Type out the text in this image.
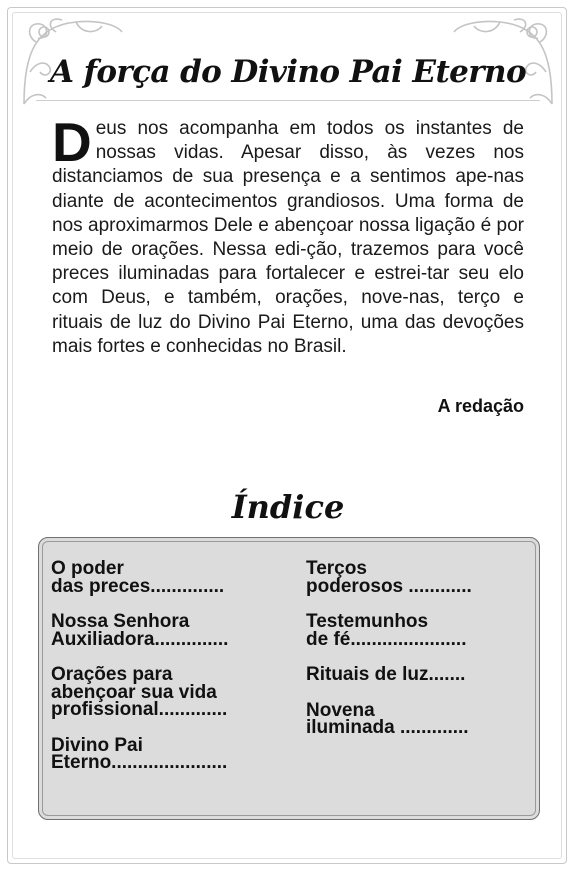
A força do Divino Pai Eterno

Deus nos acompanha em todos os instantes de nossas vidas. Apesar disso, às vezes nos distanciamos de sua presença e a sentimos ape-nas diante de acontecimentos grandiosos. Uma forma de nos aproximarmos Dele e abençoar nossa ligação é por meio de orações. Nessa edi-ção, trazemos para você preces iluminadas para fortalecer e estrei-tar seu elo com Deus, e também, orações, nove-nas, terço e rituais de luz do Divino Pai Eterno, uma das devoções mais fortes e conhecidas no Brasil.

A redação
Índice
O poder
das preces..............
Nossa Senhora
Auxiliadora..............
Orações para
abençoar sua vida
profissional.............
Divino Pai
Eterno......................
Terços
poderosos ............
Testemunhos
de fé......................
Rituais de luz.......
Novena
iluminada .............
